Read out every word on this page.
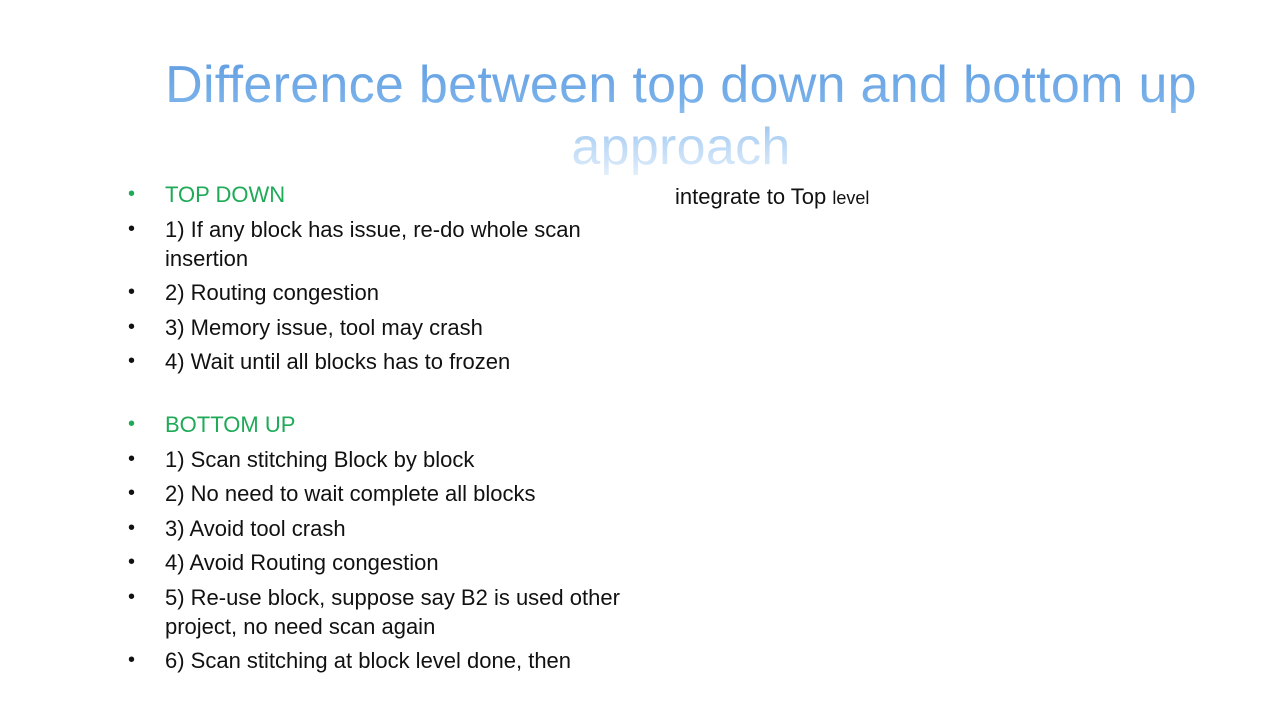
Difference between top down and bottom up approach
• TOP DOWN
• 1) If any block has issue, re-do whole scan insertion
• 2) Routing congestion
• 3) Memory issue, tool may crash
• 4) Wait until all blocks has to frozen
• BOTTOM UP
• 1) Scan stitching Block by block
• 2) No need to wait complete all blocks
• 3) Avoid tool crash
• 4) Avoid Routing congestion
• 5) Re-use block, suppose say B2 is used other project, no need scan again
• 6) Scan stitching at block level done, then
integrate to Top level
